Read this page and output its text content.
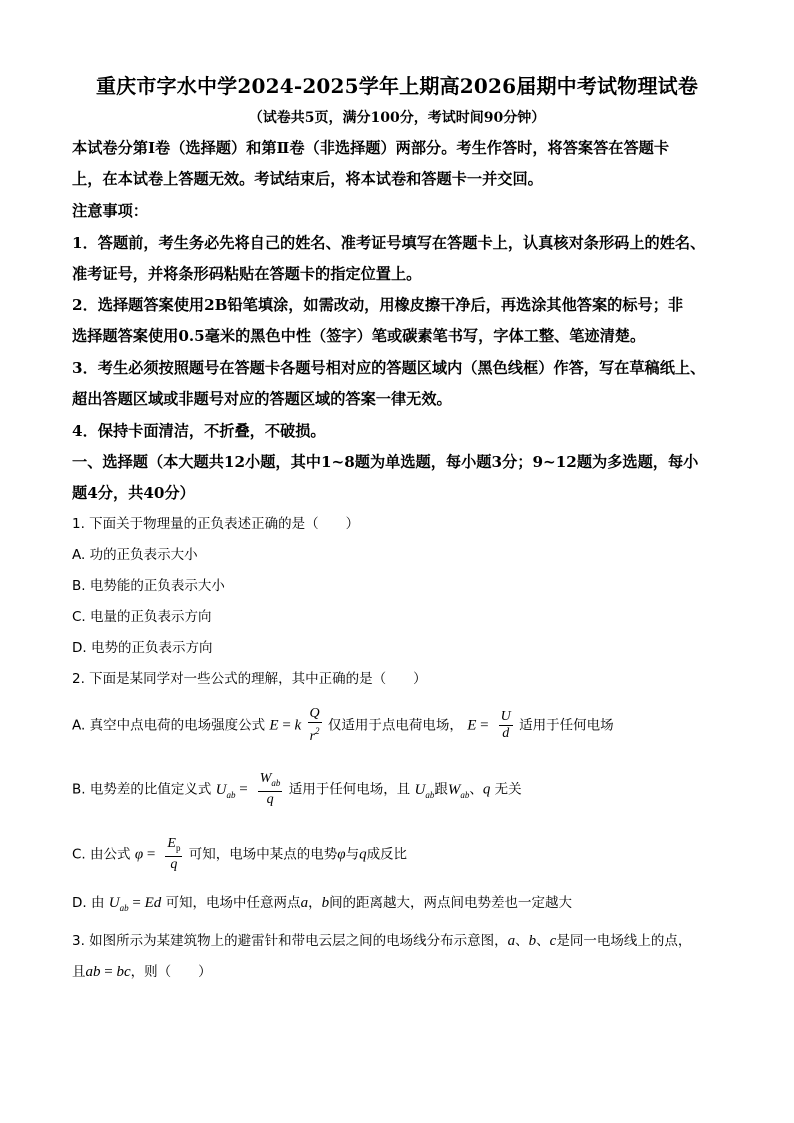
重庆市字水中学2024-2025学年上期高2026届期中考试物理试卷
（试卷共5页，满分100分，考试时间90分钟）
本试卷分第Ⅰ卷（选择题）和第Ⅱ卷（非选择题）两部分。考生作答时，将答案答在答题卡
上，在本试卷上答题无效。考试结束后，将本试卷和答题卡一并交回。
注意事项：
1．答题前，考生务必先将自己的姓名、准考证号填写在答题卡上，认真核对条形码上的姓名、
准考证号，并将条形码粘贴在答题卡的指定位置上。
2．选择题答案使用2B铅笔填涂，如需改动，用橡皮擦干净后，再选涂其他答案的标号；非
选择题答案使用0.5毫米的黑色中性（签字）笔或碳素笔书写，字体工整、笔迹清楚。
3．考生必须按照题号在答题卡各题号相对应的答题区域内（黑色线框）作答，写在草稿纸上、
超出答题区域或非题号对应的答题区域的答案一律无效。
4．保持卡面清洁，不折叠，不破损。
一、选择题（本大题共12小题，其中1~8题为单选题，每小题3分；9~12题为多选题，每小
题4分，共40分）
1. 下面关于物理量的正负表述正确的是（　　）
A. 功的正负表示大小
B. 电势能的正负表示大小
C. 电量的正负表示方向
D. 电势的正负表示方向
2. 下面是某同学对一些公式的理解，其中正确的是（　　）
A. 真空中点电荷的电场强度公式 E = k $\frac{Q}{r^2}$ 仅适用于点电荷电场， $E = \frac{U}{d}$ 适用于任何电场
B. 电势差的比值定义式 $U_{ab} = \frac{W_{ab}}{q}$ 适用于任何电场，且 $U_{ab}$跟$W_{ab}$、q 无关
C. 由公式 $\varphi = \frac{E_p}{q}$ 可知，电场中某点的电势φ与q成反比
D. 由 $U_{ab} = Ed$ 可知，电场中任意两点a，b间的距离越大，两点间电势差也一定越大
3. 如图所示为某建筑物上的避雷针和带电云层之间的电场线分布示意图，a、b、c是同一电场线上的点，
且ab = bc，则（　　）
